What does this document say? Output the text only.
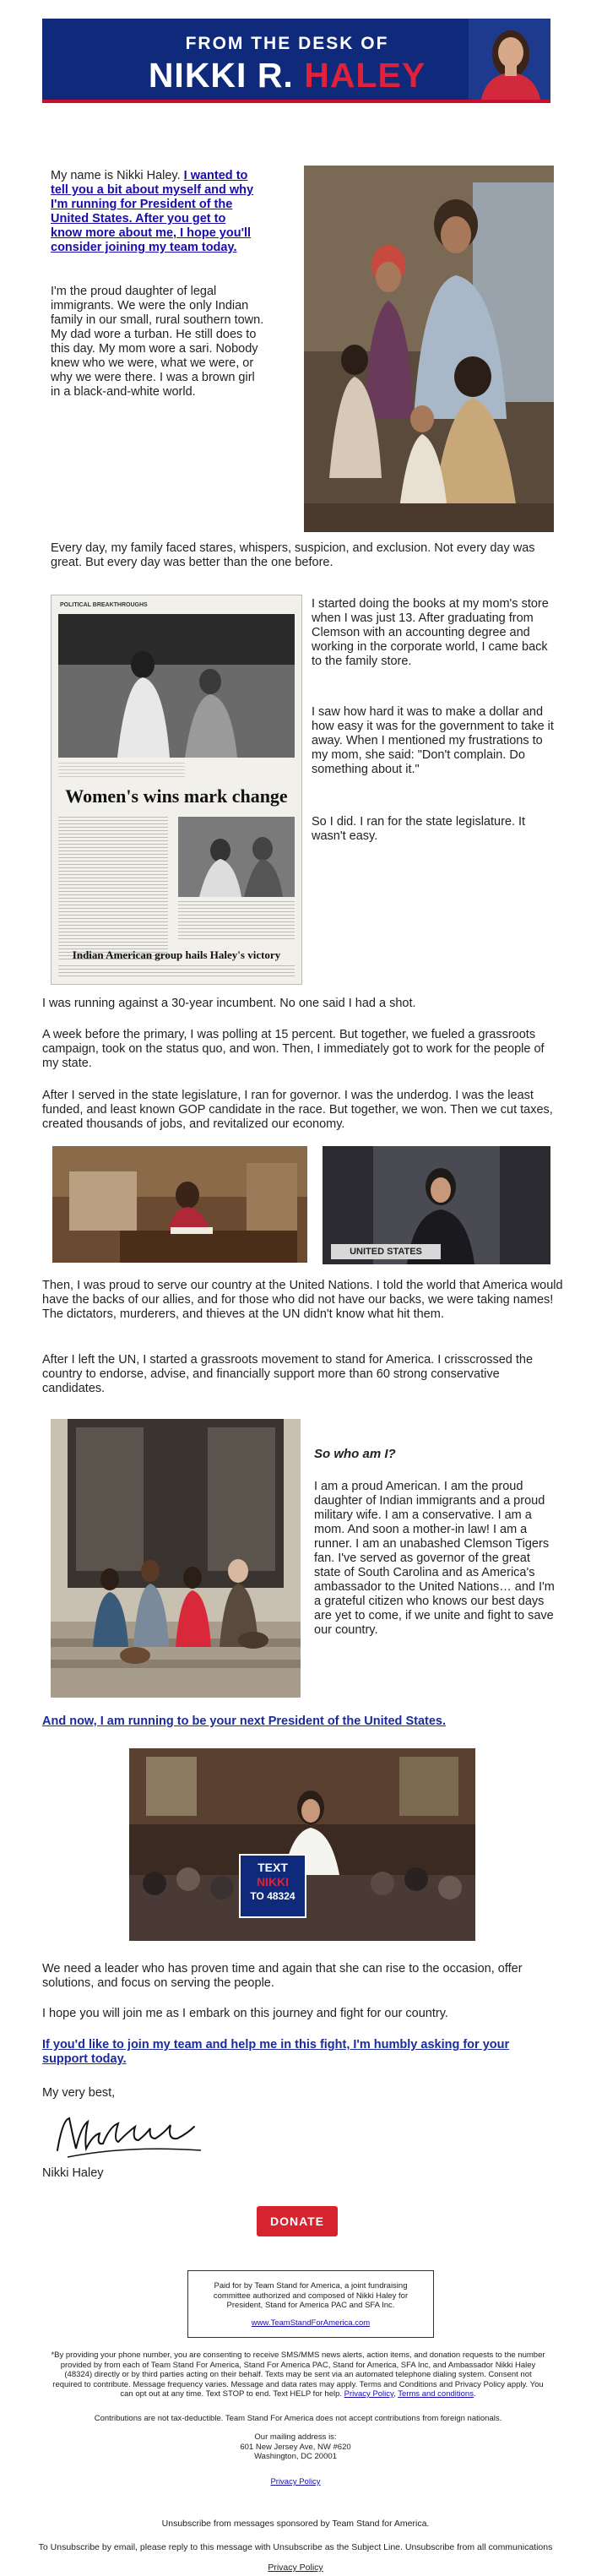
FROM THE DESK OF
NIKKI R. HALEY

My name is Nikki Haley. I wanted to tell you a bit about myself and why I'm running for President of the United States. After you get to know more about me, I hope you'll consider joining my team today.

I'm the proud daughter of legal immigrants. We were the only Indian family in our small, rural southern town. My dad wore a turban. He still does to this day. My mom wore a sari. Nobody knew who we were, what we were, or why we were there. I was a brown girl in a black-and-white world.

Every day, my family faced stares, whispers, suspicion, and exclusion. Not every day was great. But every day was better than the one before.

POLITICAL BREAKTHROUGHS
Women's wins mark change
Indian American group hails Haley's victory

I started doing the books at my mom's store when I was just 13. After graduating from Clemson with an accounting degree and working in the corporate world, I came back to the family store.

I saw how hard it was to make a dollar and how easy it was for the government to take it away. When I mentioned my frustrations to my mom, she said: "Don't complain. Do something about it."

So I did. I ran for the state legislature. It wasn't easy.

I was running against a 30-year incumbent. No one said I had a shot.

A week before the primary, I was polling at 15 percent. But together, we fueled a grassroots campaign, took on the status quo, and won. Then, I immediately got to work for the people of my state.

After I served in the state legislature, I ran for governor. I was the underdog. I was the least funded, and least known GOP candidate in the race. But together, we won. Then we cut taxes, created thousands of jobs, and revitalized our economy.

UNITED STATES

Then, I was proud to serve our country at the United Nations. I told the world that America would have the backs of our allies, and for those who did not have our backs, we were taking names! The dictators, murderers, and thieves at the UN didn't know what hit them.

After I left the UN, I started a grassroots movement to stand for America. I crisscrossed the country to endorse, advise, and financially support more than 60 strong conservative candidates.

So who am I?

I am a proud American. I am the proud daughter of Indian immigrants and a proud military wife. I am a conservative. I am a mom. And soon a mother-in law! I am a runner. I am an unabashed Clemson Tigers fan. I've served as governor of the great state of South Carolina and as America's ambassador to the United Nations… and I'm a grateful citizen who knows our best days are yet to come, if we unite and fight to save our country.

And now, I am running to be your next President of the United States.
TEXT
NIKKI
TO 48324

We need a leader who has proven time and again that she can rise to the occasion, offer solutions, and focus on serving the people.

I hope you will join me as I embark on this journey and fight for our country.

If you'd like to join my team and help me in this fight, I'm humbly asking for your support today.

My very best,

Nikki Haley

DONATE
Paid for by Team Stand for America, a joint fundraising committee authorized and composed of Nikki Haley for President, Stand for America PAC and SFA Inc.
www.TeamStandForAmerica.com
*By providing your phone number, you are consenting to receive SMS/MMS news alerts, action items, and donation requests to the number provided by from each of Team Stand For America, Stand For America PAC, Stand for America, SFA Inc, and Ambassador Nikki Haley (48324) directly or by third parties acting on their behalf. Texts may be sent via an automated telephone dialing system. Consent not required to contribute. Message frequency varies. Message and data rates may apply. Terms and Conditions and Privacy Policy apply. You can opt out at any time. Text STOP to end. Text HELP for help. Privacy Policy, Terms and conditions.
Contributions are not tax-deductible. Team Stand For America does not accept contributions from foreign nationals.
Our mailing address is:
601 New Jersey Ave, NW #620
Washington, DC 20001
Privacy Policy
Unsubscribe from messages sponsored by Team Stand for America.
To Unsubscribe by email, please reply to this message with Unsubscribe as the Subject Line. Unsubscribe from all communications
Privacy Policy
